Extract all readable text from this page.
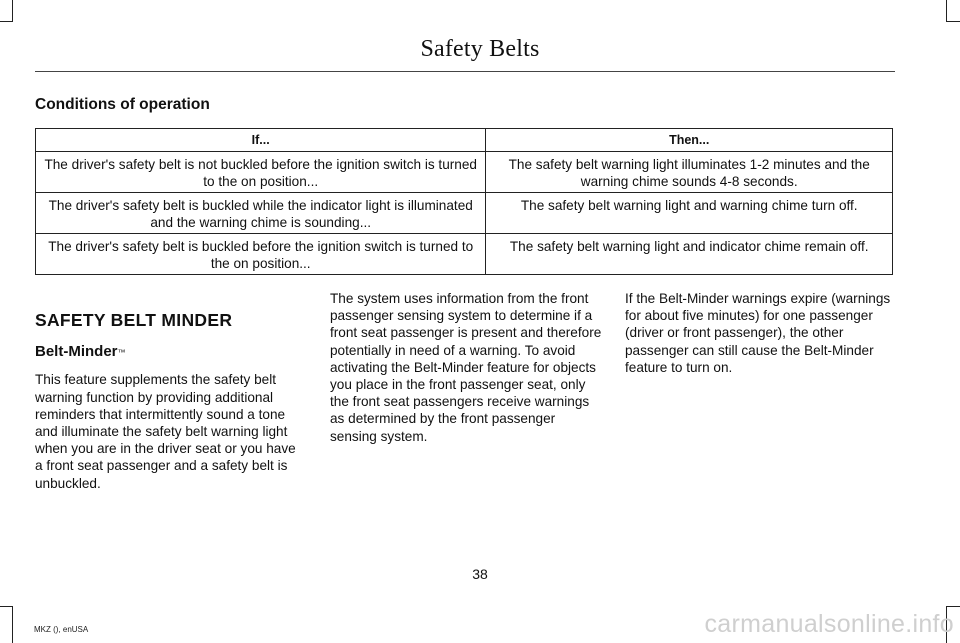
Safety Belts
Conditions of operation
If...	Then...
The driver's safety belt is not buckled before the ignition switch is turned to the on position...	The safety belt warning light illuminates 1-2 minutes and the warning chime sounds 4-8 seconds.
The driver's safety belt is buckled while the indicator light is illuminated and the warning chime is sounding...	The safety belt warning light and warning chime turn off.
The driver's safety belt is buckled before the ignition switch is turned to the on position...	The safety belt warning light and indicator chime remain off.

SAFETY BELT MINDER

Belt-Minder™

This feature supplements the safety belt warning function by providing additional reminders that intermittently sound a tone and illuminate the safety belt warning light when you are in the driver seat or you have a front seat passenger and a safety belt is unbuckled.

The system uses information from the front passenger sensing system to determine if a front seat passenger is present and therefore potentially in need of a warning. To avoid activating the Belt-Minder feature for objects you place in the front passenger seat, only the front seat passengers receive warnings as determined by the front passenger sensing system.

If the Belt-Minder warnings expire (warnings for about five minutes) for one passenger (driver or front passenger), the other passenger can still cause the Belt-Minder feature to turn on.

38
MKZ (), enUSA	carmanualsonline.info
